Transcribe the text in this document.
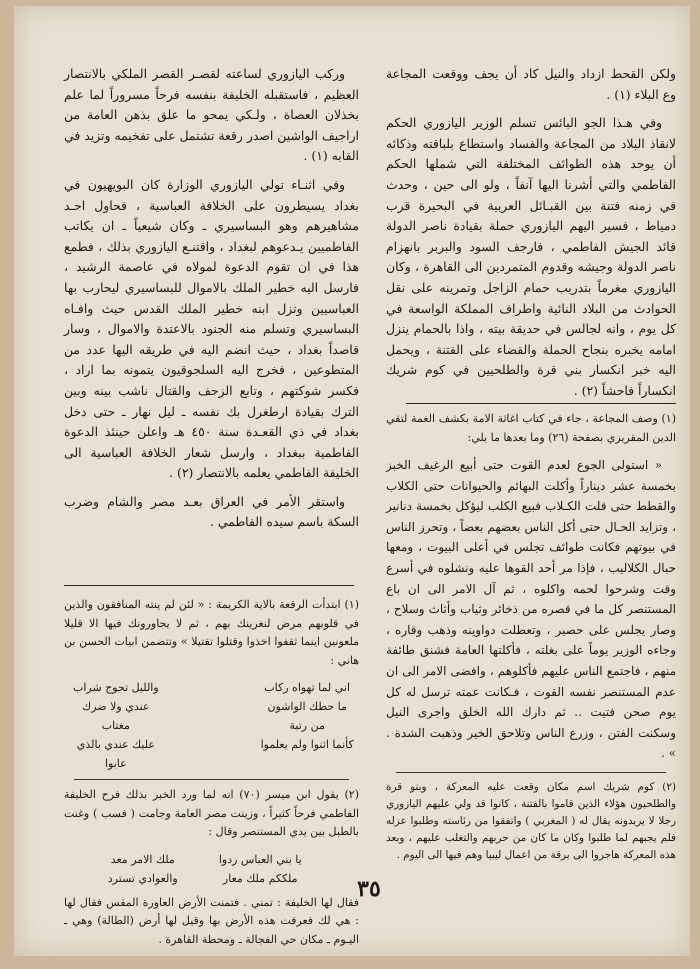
ولكن القحط ازداد والنيل كاد أن يجف ووقعت المجاعة وع البلاء (١) .

وفي هـذا الجو البائس تسلم الوزير اليازوري الحكم لانقاذ البلاد من المجاعة والفساد واستطاع بلباقته وذكائه أن يوحد هذه الطوائف المختلفة التي شملها الحكم الفاطمي والتي أشرنا اليها آنفاً ، ولو الى حين ، وحدث في زمنه فتنة بين القبـائل العربية في البحيرة قرب دمياط ، فسير اليهم اليازوري حملة بقيادة ناصر الدولة قائد الجيش الفاطمي ، فارجف السود والبربر بانهزام ناصر الدولة وجيشه وقدوم المتمردين الى القاهرة ، وكان اليازوري مغرماً بتدريب حمام الزاجل وتمرينه على نقل الحوادث من البلاد النائية واطراف المملكة الواسعة في كل يوم ، وانه لجالس في حديقة بيته ، واذا بالحمام ينزل امامه يخبره بنجاح الحملة والقضاء على الفتنة ، ويحمل اليه خبر انكسار بني قرة والطلحيين في كوم شريك انكساراً فاحشاً (٢) .

(١) وصف المجاعة ، جاء في كتاب اغاثة الامة بكشف الغمة لتقي الدين المقريزي بصفحة (٢٦) وما بعدها ما يلي:

« استولى الجوع لعدم القوت حتى أبيع الرغيف الخبز بخمسة عشر ديناراً وأكلت البهائم والحيوانات حتى الكلاب والقطط حتى قلت الكـلاب فبيع الكلب ليؤكل بخمسة دنانير ، وتزايد الحـال حتى أكل الناس بعضهم بعضاً ، وتحرز الناس في بيوتهم فكانت طوائف تجلس في أعلى البيوت ، ومعها حبال الكلاليب ، فإذا مر أحد القوها عليه ونشلوه في أسرع وقت وشرحوا لحمه واكلوه ، ثم آل الامر الى ان باع المستنصر كل ما في قصره من ذخائر وثياب وأثاث وسلاح ، وصار يجلس على حصير ، وتعطلت دواوينه وذهب وقاره ، وجاءه الوزير يوماً على بغلته ، فأكلتها العامة فشنق طائفة منهم ، فاجتمع الناس عليهم فأكلوهم ، وافضى الامر الى ان عدم المستنصر نفسه القوت ، فـكانت عمته ترسل له كل يوم صحن فتيت .. ثم دارك الله الخلق واجرى النيل وسكنت الفتن ، وزرع الناس وتلاحق الخير وذهبت الشدة . » .

(٢) كوم شريك اسم مكان وقعت عليه المعركة ، وبنو قرة والطلحيون هؤلاء الذين قاموا بالفتنة ، كانوا قد ولي عليهم اليازوري رجلا لا يريدونه يقال له ( المغربي ) واتفقوا من رئاسته وطلبوا عزله فلم يجبهم لما طلبوا وكان ما كان من حربهم والتغلب عليهم ، وبعد هذه المعركة هاجروا الى برقة من اعمال ليبيا وهم فيها الى اليوم .

وركب اليازوري لساعته لقصـر القصر الملكي بالانتصار العظيم ، فاستقبله الخليفة بنفسه فرحاً مسروراً لما علم بخذلان العصاة ، ولـكي يمحو ما علق بذهن العامة من اراجيف الواشين اصدر رقعة تشتمل على تفخيمه وتزيد في القابه (١) .

وفي اثنـاء تولي اليازوري الوزارة كان البويهيون في بغداد يسيطرون على الخلافة العباسية ، فحاول احـد مشاهيرهم وهو البساسيري ـ وكان شيعياً ـ ان يكاتب الفاطميين يـدعوهم لبغداد ، واقتنـع اليازوري بذلك ، فطمع هذا في ان تقوم الدعوة لمولاه في عاصمة الرشيد ، فارسل اليه خطير الملك بالاموال للبساسيري ليحارب بها العباسيين وتزل ابنه خطير الملك القدس حيث وافـاه البساسيري وتسلم منه الجنود بالاعتدة والاموال ، وسار قاصداً بغداد ، حيث انضم اليه في طريقه اليها عدد من المتطوعين ، فخرج اليه السلجوقيون يتمونه بما اراد ، فكسر شوكتهم ، وتابع الزحف والقتال ناشب بينه وبين الترك بقيادة ارطغرل بك نفسه ـ ليل نهار ـ حتى دخل بغداد في ذي القعـدة سنة ٤٥٠ هـ واعلن حينئذ الدعوة الفاطمية ببغداد ، وارسل شعار الخلافة العباسية الى الخليفة الفاطمي يعلمه بالانتصار (٢) .

واستقر الأمر في العراق بعـد مصر والشام وضرب السكة باسم سيده الفاطمي .

(١) ابتدأت الرقعة بالاية الكريمة : « لئن لم ينته المنافقون والذين في قلوبهم مرض لنغرينك بهم ، ثم لا يجاورونك فيها الا قليلا ملعونين اينما ثقفوا اخذوا وقتلوا تقتيلا » وتتضمن ابيات الحسن بن هاني :

اني لما تهواه ركاب
والليل تحوج شراب
ما حطك الواشون من رتبة
عندي ولا ضرك مغتاب
كأنما اثنوا ولم يعلموا
عليك عندي بالذي عابوا

(٢) يقول ابن ميسر (٧٠) انه لما ورد الخبر بذلك فرح الخليفة الفاطمي فرحاً كثيراً ، وزينت مصر العامة وجامت ( فسب ) وغنت بالطبل بين يدي المستنصر وقال :

يا بني العباس ردوا
ملك الامر معد
ملككم ملك معار
والعوادي تسترد

فقال لها الخليفة : تمني . فتمنت الأرض العاورة المقس فقال لها : هي لك فعرفت هذه الأرض بها وقيل لها أرض (الطالة) وهي ـ اليـوم ـ مكان حي الفجالة ـ ومحطة القاهرة .

٣٥
